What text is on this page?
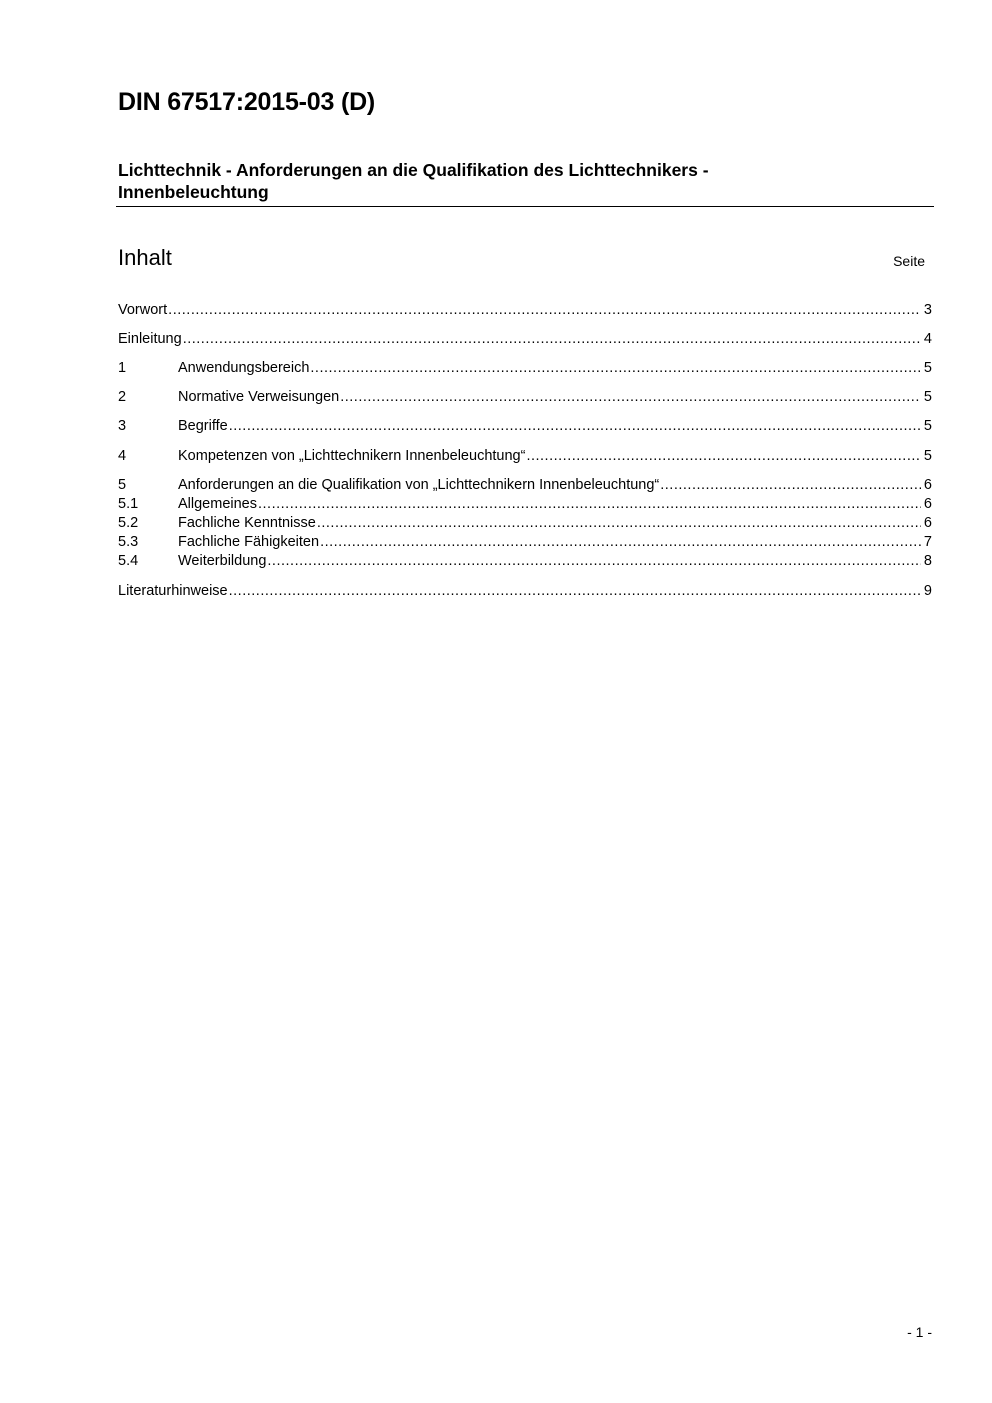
DIN 67517:2015-03 (D)
Lichttechnik - Anforderungen an die Qualifikation des Lichttechnikers -
Innenbeleuchtung
Inhalt	Seite
Vorwort .....	3
Einleitung .....	4
1	Anwendungsbereich .....	5
2	Normative Verweisungen .....	5
3	Begriffe .....	5
4	Kompetenzen von „Lichttechnikern Innenbeleuchtung“ .....	5
5	Anforderungen an die Qualifikation von „Lichttechnikern Innenbeleuchtung“ .....	6
5.1	Allgemeines .....	6
5.2	Fachliche Kenntnisse .....	6
5.3	Fachliche Fähigkeiten .....	7
5.4	Weiterbildung .....	8
Literaturhinweise .....	9
- 1 -
